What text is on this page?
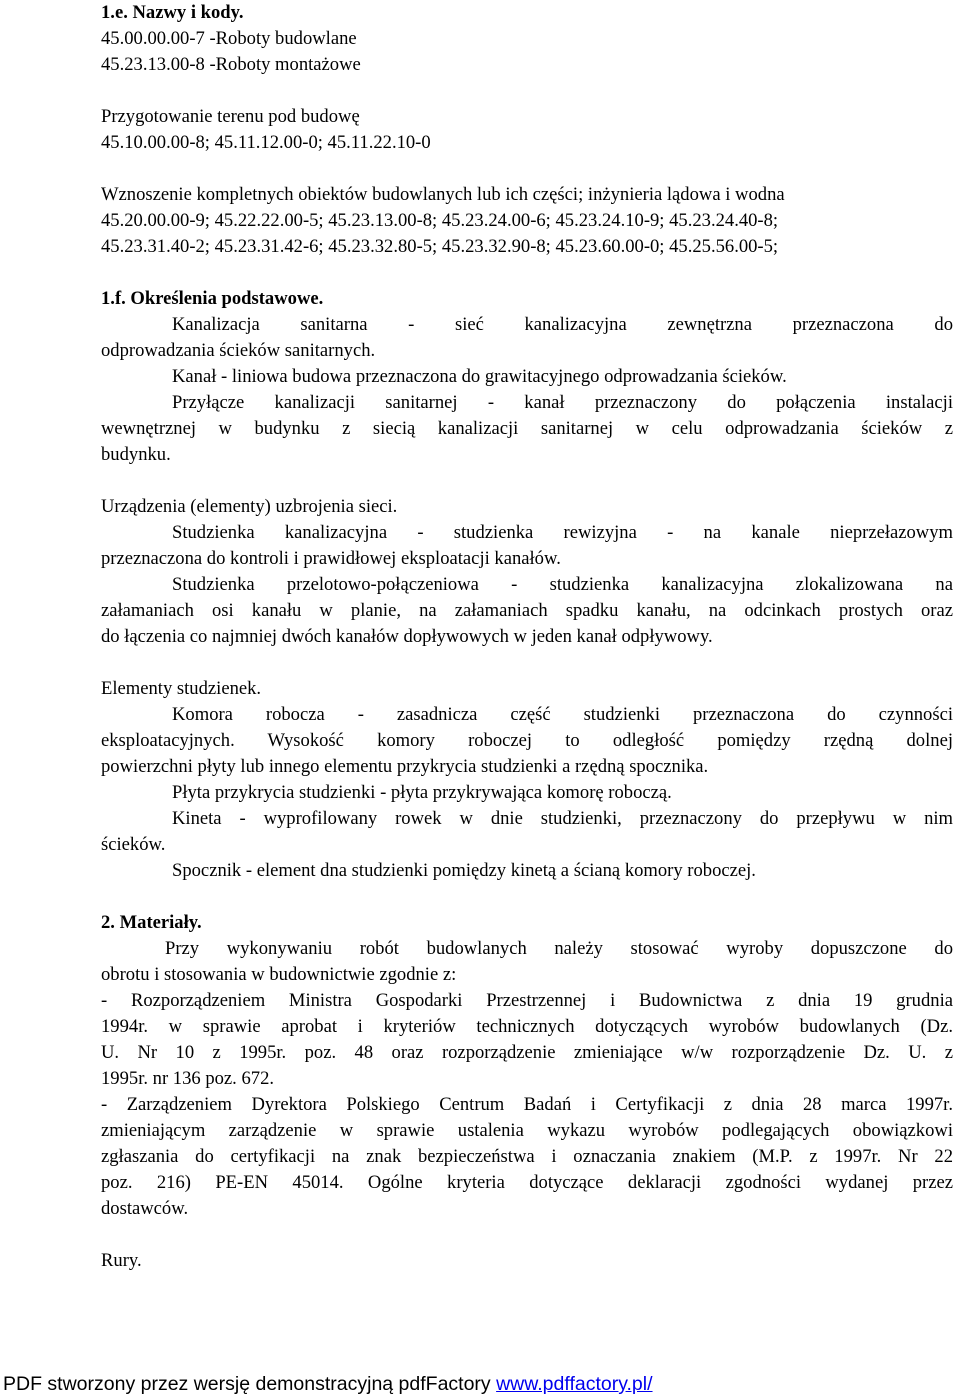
1.e. Nazwy i kody.
45.00.00.00-7 -Roboty budowlane
45.23.13.00-8 -Roboty montażowe
Przygotowanie terenu pod budowę
45.10.00.00-8; 45.11.12.00-0; 45.11.22.10-0
Wznoszenie kompletnych obiektów budowlanych lub ich części; inżynieria lądowa i wodna
45.20.00.00-9; 45.22.22.00-5; 45.23.13.00-8; 45.23.24.00-6; 45.23.24.10-9; 45.23.24.40-8;
45.23.31.40-2; 45.23.31.42-6; 45.23.32.80-5; 45.23.32.90-8; 45.23.60.00-0; 45.25.56.00-5;
1.f. Określenia podstawowe.
Kanalizacja sanitarna - sieć kanalizacyjna zewnętrzna przeznaczona do
odprowadzania ścieków sanitarnych.
Kanał - liniowa budowa przeznaczona do grawitacyjnego odprowadzania ścieków.
Przyłącze kanalizacji sanitarnej - kanał przeznaczony do połączenia instalacji
wewnętrznej w budynku z siecią kanalizacji sanitarnej w celu odprowadzania ścieków z
budynku.
Urządzenia (elementy) uzbrojenia sieci.
Studzienka kanalizacyjna - studzienka rewizyjna - na kanale nieprzełazowym
przeznaczona do kontroli i prawidłowej eksploatacji kanałów.
Studzienka przelotowo-połączeniowa - studzienka kanalizacyjna zlokalizowana na
załamaniach osi kanału w planie, na załamaniach spadku kanału, na odcinkach prostych oraz
do łączenia co najmniej dwóch kanałów dopływowych w jeden kanał odpływowy.
Elementy studzienek.
Komora robocza - zasadnicza część studzienki przeznaczona do czynności
eksploatacyjnych. Wysokość komory roboczej to odległość pomiędzy rzędną dolnej
powierzchni płyty lub innego elementu przykrycia studzienki a rzędną spocznika.
Płyta przykrycia studzienki - płyta przykrywająca komorę roboczą.
Kineta - wyprofilowany rowek w dnie studzienki, przeznaczony do przepływu w nim
ścieków.
Spocznik - element dna studzienki pomiędzy kinetą a ścianą komory roboczej.
2. Materiały.
Przy wykonywaniu robót budowlanych należy stosować wyroby dopuszczone do
obrotu i stosowania w budownictwie zgodnie z:
- Rozporządzeniem Ministra Gospodarki Przestrzennej i Budownictwa z dnia 19 grudnia
1994r. w sprawie aprobat i kryteriów technicznych dotyczących wyrobów budowlanych (Dz.
U. Nr 10 z 1995r. poz. 48 oraz rozporządzenie zmieniające w/w rozporządzenie Dz. U. z
1995r. nr 136 poz. 672.
- Zarządzeniem Dyrektora Polskiego Centrum Badań i Certyfikacji z dnia 28 marca 1997r.
zmieniającym zarządzenie w sprawie ustalenia wykazu wyrobów podlegających obowiązkowi
zgłaszania do certyfikacji na znak bezpieczeństwa i oznaczania znakiem (M.P. z 1997r. Nr 22
poz. 216) PE-EN 45014. Ogólne kryteria dotyczące deklaracji zgodności wydanej przez
dostawców.
Rury.
PDF stworzony przez wersję demonstracyjną pdfFactory www.pdffactory.pl/
